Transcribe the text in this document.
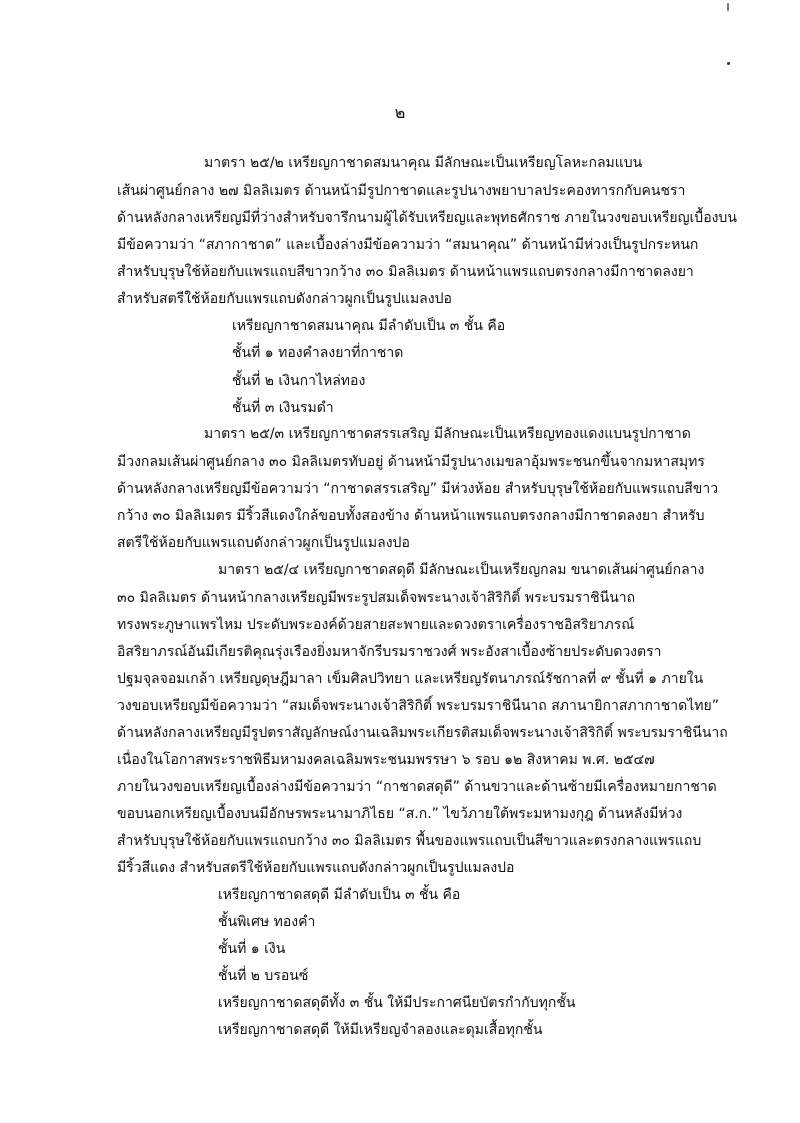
๒
มาตรา ๒๕/๒ เหรียญกาชาดสมนาคุณ มีลักษณะเป็นเหรียญโลหะกลมแบน
เส้นผ่าศูนย์กลาง ๒๗ มิลลิเมตร ด้านหน้ามีรูปกาชาดและรูปนางพยาบาลประคองทารกกับคนชรา
ด้านหลังกลางเหรียญมีที่ว่างสำหรับจารึกนามผู้ได้รับเหรียญและพุทธศักราช ภายในวงขอบเหรียญเบื้องบน
มีข้อความว่า “สภากาชาด” และเบื้องล่างมีข้อความว่า “สมนาคุณ” ด้านหน้ามีห่วงเป็นรูปกระหนก
สำหรับบุรุษใช้ห้อยกับแพรแถบสีขาวกว้าง ๓๐ มิลลิเมตร ด้านหน้าแพรแถบตรงกลางมีกาชาดลงยา
สำหรับสตรีใช้ห้อยกับแพรแถบดังกล่าวผูกเป็นรูปแมลงปอ
เหรียญกาชาดสมนาคุณ มีลำดับเป็น ๓ ชั้น คือ
ชั้นที่ ๑ ทองคำลงยาที่กาชาด
ชั้นที่ ๒ เงินกาไหล่ทอง
ชั้นที่ ๓ เงินรมดำ
มาตรา ๒๕/๓ เหรียญกาชาดสรรเสริญ มีลักษณะเป็นเหรียญทองแดงแบนรูปกาชาด
มีวงกลมเส้นผ่าศูนย์กลาง ๓๐ มิลลิเมตรทับอยู่ ด้านหน้ามีรูปนางเมขลาอุ้มพระชนกขึ้นจากมหาสมุทร
ด้านหลังกลางเหรียญมีข้อความว่า “กาชาดสรรเสริญ” มีห่วงห้อย สำหรับบุรุษใช้ห้อยกับแพรแถบสีขาว
กว้าง ๓๐ มิลลิเมตร มีริ้วสีแดงใกล้ขอบทั้งสองข้าง ด้านหน้าแพรแถบตรงกลางมีกาชาดลงยา สำหรับ
สตรีใช้ห้อยกับแพรแถบดังกล่าวผูกเป็นรูปแมลงปอ
มาตรา ๒๕/๔ เหรียญกาชาดสดุดี มีลักษณะเป็นเหรียญกลม ขนาดเส้นผ่าศูนย์กลาง
๓๐ มิลลิเมตร ด้านหน้ากลางเหรียญมีพระรูปสมเด็จพระนางเจ้าสิริกิติ์ พระบรมราชินีนาถ
ทรงพระภูษาแพรไหม ประดับพระองค์ด้วยสายสะพายและดวงตราเครื่องราชอิสริยาภรณ์
อิสริยาภรณ์อันมีเกียรติคุณรุ่งเรืองยิ่งมหาจักรีบรมราชวงศ์ พระอังสาเบื้องซ้ายประดับดวงตรา
ปฐมจุลจอมเกล้า เหรียญดุษฎีมาลา เข็มศิลปวิทยา และเหรียญรัตนาภรณ์รัชกาลที่ ๙ ชั้นที่ ๑ ภายใน
วงขอบเหรียญมีข้อความว่า “สมเด็จพระนางเจ้าสิริกิติ์ พระบรมราชินีนาถ สภานายิกาสภากาชาดไทย”
ด้านหลังกลางเหรียญมีรูปตราสัญลักษณ์งานเฉลิมพระเกียรติสมเด็จพระนางเจ้าสิริกิติ์ พระบรมราชินีนาถ
เนื่องในโอกาสพระราชพิธีมหามงคลเฉลิมพระชนมพรรษา ๖ รอบ ๑๒ สิงหาคม พ.ศ. ๒๕๔๗
ภายในวงขอบเหรียญเบื้องล่างมีข้อความว่า “กาชาดสดุดี” ด้านขวาและด้านซ้ายมีเครื่องหมายกาชาด
ขอบนอกเหรียญเบื้องบนมีอักษรพระนามาภิไธย “ส.ก.” ไขว้ภายใต้พระมหามงกุฎ ด้านหลังมีห่วง
สำหรับบุรุษใช้ห้อยกับแพรแถบกว้าง ๓๐ มิลลิเมตร พื้นของแพรแถบเป็นสีขาวและตรงกลางแพรแถบ
มีริ้วสีแดง สำหรับสตรีใช้ห้อยกับแพรแถบดังกล่าวผูกเป็นรูปแมลงปอ
เหรียญกาชาดสดุดี มีลำดับเป็น ๓ ชั้น คือ
ชั้นพิเศษ ทองคำ
ชั้นที่ ๑ เงิน
ชั้นที่ ๒ บรอนซ์
เหรียญกาชาดสดุดีทั้ง ๓ ชั้น ให้มีประกาศนียบัตรกำกับทุกชั้น
เหรียญกาชาดสดุดี ให้มีเหรียญจำลองและดุมเสื้อทุกชั้น
